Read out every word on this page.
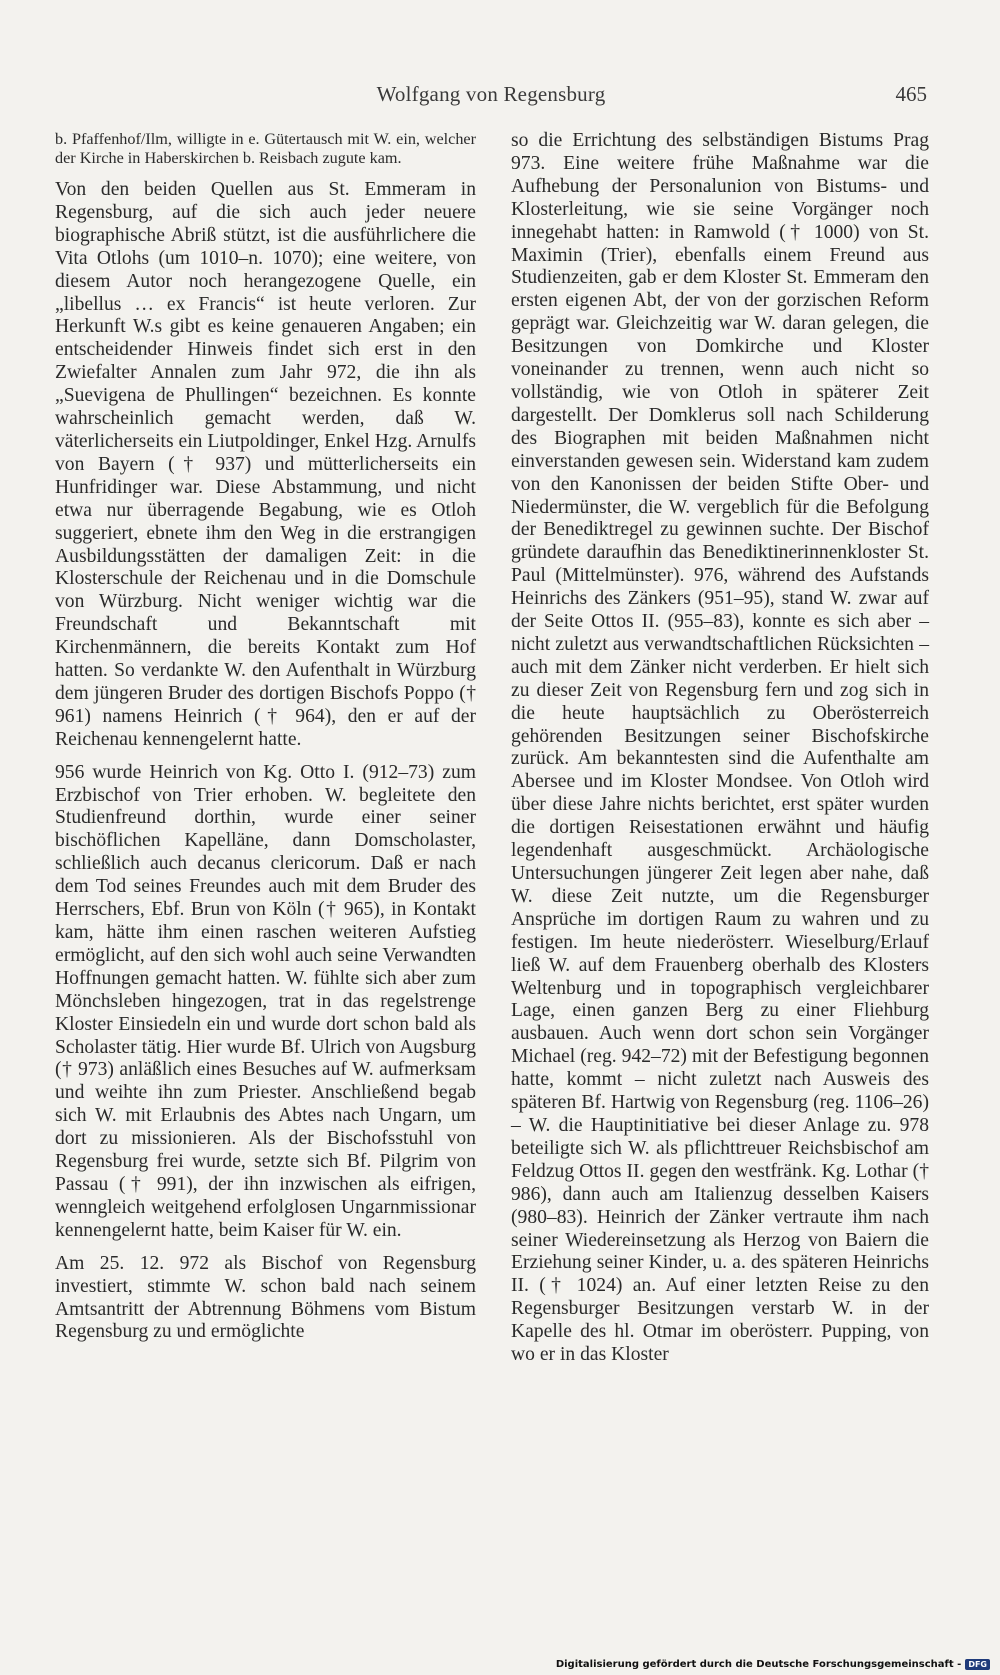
Wolfgang von Regensburg	465

b. Pfaffenhof/Ilm, willigte in e. Gütertausch mit W. ein, welcher der Kirche in Haberskirchen b. Reisbach zugute kam.

Von den beiden Quellen aus St. Emmeram in Regensburg, auf die sich auch jeder neuere biographische Abriß stützt, ist die ausführlichere die Vita Otlohs (um 1010–n. 1070); eine weitere, von diesem Autor noch herangezogene Quelle, ein „libellus … ex Francis“ ist heute verloren. Zur Herkunft W.s gibt es keine genaueren Angaben; ein entscheidender Hinweis findet sich erst in den Zwiefalter Annalen zum Jahr 972, die ihn als „Suevigena de Phullingen“ bezeichnen. Es konnte wahrscheinlich gemacht werden, daß W. väterlicherseits ein Liutpoldinger, Enkel Hzg. Arnulfs von Bayern († 937) und mütterlicherseits ein Hunfridinger war. Diese Abstammung, und nicht etwa nur überragende Begabung, wie es Otloh suggeriert, ebnete ihm den Weg in die erstrangigen Ausbildungsstätten der damaligen Zeit: in die Klosterschule der Reichenau und in die Domschule von Würzburg. Nicht weniger wichtig war die Freundschaft und Bekanntschaft mit Kirchenmännern, die bereits Kontakt zum Hof hatten. So verdankte W. den Aufenthalt in Würzburg dem jüngeren Bruder des dortigen Bischofs Poppo († 961) namens Heinrich († 964), den er auf der Reichenau kennengelernt hatte.

956 wurde Heinrich von Kg. Otto I. (912–73) zum Erzbischof von Trier erhoben. W. begleitete den Studienfreund dorthin, wurde einer seiner bischöflichen Kapelläne, dann Domscholaster, schließlich auch decanus clericorum. Daß er nach dem Tod seines Freundes auch mit dem Bruder des Herrschers, Ebf. Brun von Köln († 965), in Kontakt kam, hätte ihm einen raschen weiteren Aufstieg ermöglicht, auf den sich wohl auch seine Verwandten Hoffnungen gemacht hatten. W. fühlte sich aber zum Mönchsleben hingezogen, trat in das regelstrenge Kloster Einsiedeln ein und wurde dort schon bald als Scholaster tätig. Hier wurde Bf. Ulrich von Augsburg († 973) anläßlich eines Besuches auf W. aufmerksam und weihte ihn zum Priester. Anschließend begab sich W. mit Erlaubnis des Abtes nach Ungarn, um dort zu missionieren. Als der Bischofsstuhl von Regensburg frei wurde, setzte sich Bf. Pilgrim von Passau († 991), der ihn inzwischen als eifrigen, wenngleich weitgehend erfolglosen Ungarnmissionar kennengelernt hatte, beim Kaiser für W. ein.

Am 25. 12. 972 als Bischof von Regensburg investiert, stimmte W. schon bald nach seinem Amtsantritt der Abtrennung Böhmens vom Bistum Regensburg zu und ermöglichte

so die Errichtung des selbständigen Bistums Prag 973. Eine weitere frühe Maßnahme war die Aufhebung der Personalunion von Bistums- und Klosterleitung, wie sie seine Vorgänger noch innegehabt hatten: in Ramwold († 1000) von St. Maximin (Trier), ebenfalls einem Freund aus Studienzeiten, gab er dem Kloster St. Emmeram den ersten eigenen Abt, der von der gorzischen Reform geprägt war. Gleichzeitig war W. daran gelegen, die Besitzungen von Domkirche und Kloster voneinander zu trennen, wenn auch nicht so vollständig, wie von Otloh in späterer Zeit dargestellt. Der Domklerus soll nach Schilderung des Biographen mit beiden Maßnahmen nicht einverstanden gewesen sein. Widerstand kam zudem von den Kanonissen der beiden Stifte Ober- und Niedermünster, die W. vergeblich für die Befolgung der Benediktregel zu gewinnen suchte. Der Bischof gründete daraufhin das Benediktinerinnenkloster St. Paul (Mittelmünster). 976, während des Aufstands Heinrichs des Zänkers (951–95), stand W. zwar auf der Seite Ottos II. (955–83), konnte es sich aber – nicht zuletzt aus verwandtschaftlichen Rücksichten – auch mit dem Zänker nicht verderben. Er hielt sich zu dieser Zeit von Regensburg fern und zog sich in die heute hauptsächlich zu Oberösterreich gehörenden Besitzungen seiner Bischofskirche zurück. Am bekanntesten sind die Aufenthalte am Abersee und im Kloster Mondsee. Von Otloh wird über diese Jahre nichts berichtet, erst später wurden die dortigen Reisestationen erwähnt und häufig legendenhaft ausgeschmückt. Archäologische Untersuchungen jüngerer Zeit legen aber nahe, daß W. diese Zeit nutzte, um die Regensburger Ansprüche im dortigen Raum zu wahren und zu festigen. Im heute niederösterr. Wieselburg/Erlauf ließ W. auf dem Frauenberg oberhalb des Klosters Weltenburg und in topographisch vergleichbarer Lage, einen ganzen Berg zu einer Fliehburg ausbauen. Auch wenn dort schon sein Vorgänger Michael (reg. 942–72) mit der Befestigung begonnen hatte, kommt – nicht zuletzt nach Ausweis des späteren Bf. Hartwig von Regensburg (reg. 1106–26) – W. die Hauptinitiative bei dieser Anlage zu. 978 beteiligte sich W. als pflichttreuer Reichsbischof am Feldzug Ottos II. gegen den westfränk. Kg. Lothar († 986), dann auch am Italienzug desselben Kaisers (980–83). Heinrich der Zänker vertraute ihm nach seiner Wiedereinsetzung als Herzog von Baiern die Erziehung seiner Kinder, u. a. des späteren Heinrichs II. († 1024) an. Auf einer letzten Reise zu den Regensburger Besitzungen verstarb W. in der Kapelle des hl. Otmar im oberösterr. Pupping, von wo er in das Kloster

Digitalisierung gefördert durch die Deutsche Forschungsgemeinschaft - DFG
